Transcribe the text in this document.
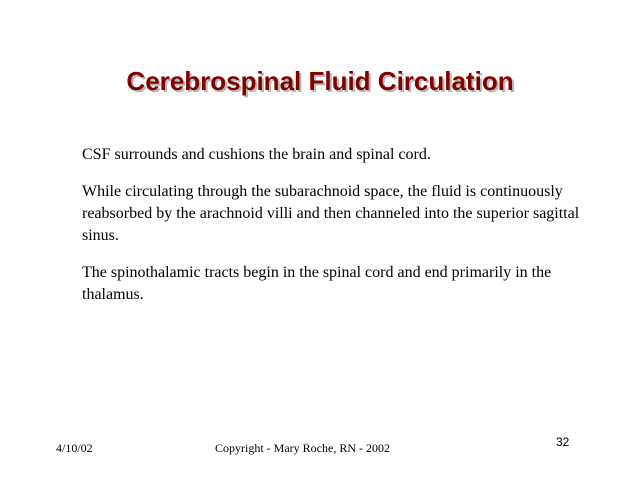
Cerebrospinal Fluid Circulation

CSF surrounds and cushions the brain and spinal cord.

While circulating through the subarachnoid space, the fluid is continuously reabsorbed by the arachnoid villi and then channeled into the superior sagittal sinus.

The spinothalamic tracts begin in the spinal cord and end primarily in the thalamus.

4/10/02	Copyright - Mary Roche, RN - 2002	32
